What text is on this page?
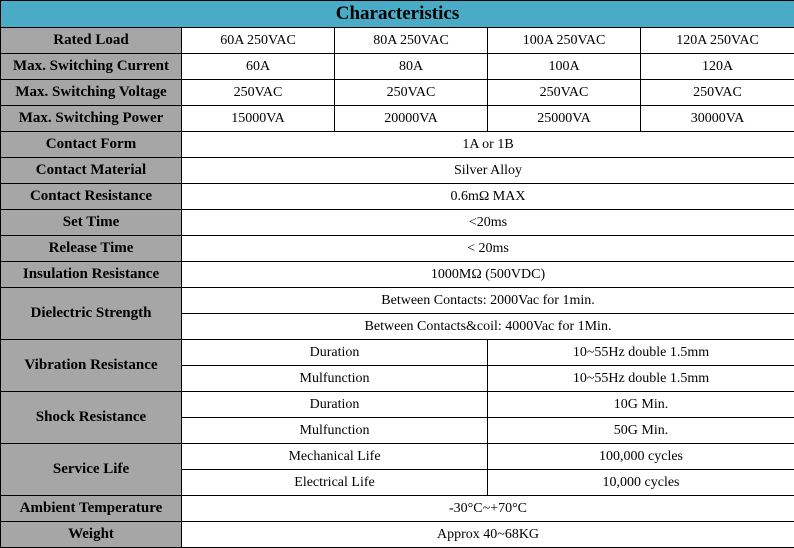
Characteristics				
Rated Load	60A 250VAC	80A 250VAC	100A 250VAC	120A 250VAC
Max. Switching Current	60A	80A	100A	120A
Max. Switching Voltage	250VAC	250VAC	250VAC	250VAC
Max. Switching Power	15000VA	20000VA	25000VA	30000VA
Contact Form	1A or 1B			
Contact Material	Silver Alloy			
Contact Resistance	0.6mΩ MAX			
Set Time	<20ms			
Release Time	< 20ms			
Insulation Resistance	1000MΩ (500VDC)			
Dielectric Strength	Between Contacts: 2000Vac for 1min.			
	Between Contacts&coil: 4000Vac for 1Min.			
Vibration Resistance	Duration		10~55Hz double 1.5mm	
	Mulfunction		10~55Hz double 1.5mm	
Shock Resistance	Duration		10G Min.	
	Mulfunction		50G Min.	
Service Life	Mechanical Life		100,000 cycles	
	Electrical Life		10,000 cycles	
Ambient Temperature	-30°C~+70°C			
Weight	Approx 40~68KG			
